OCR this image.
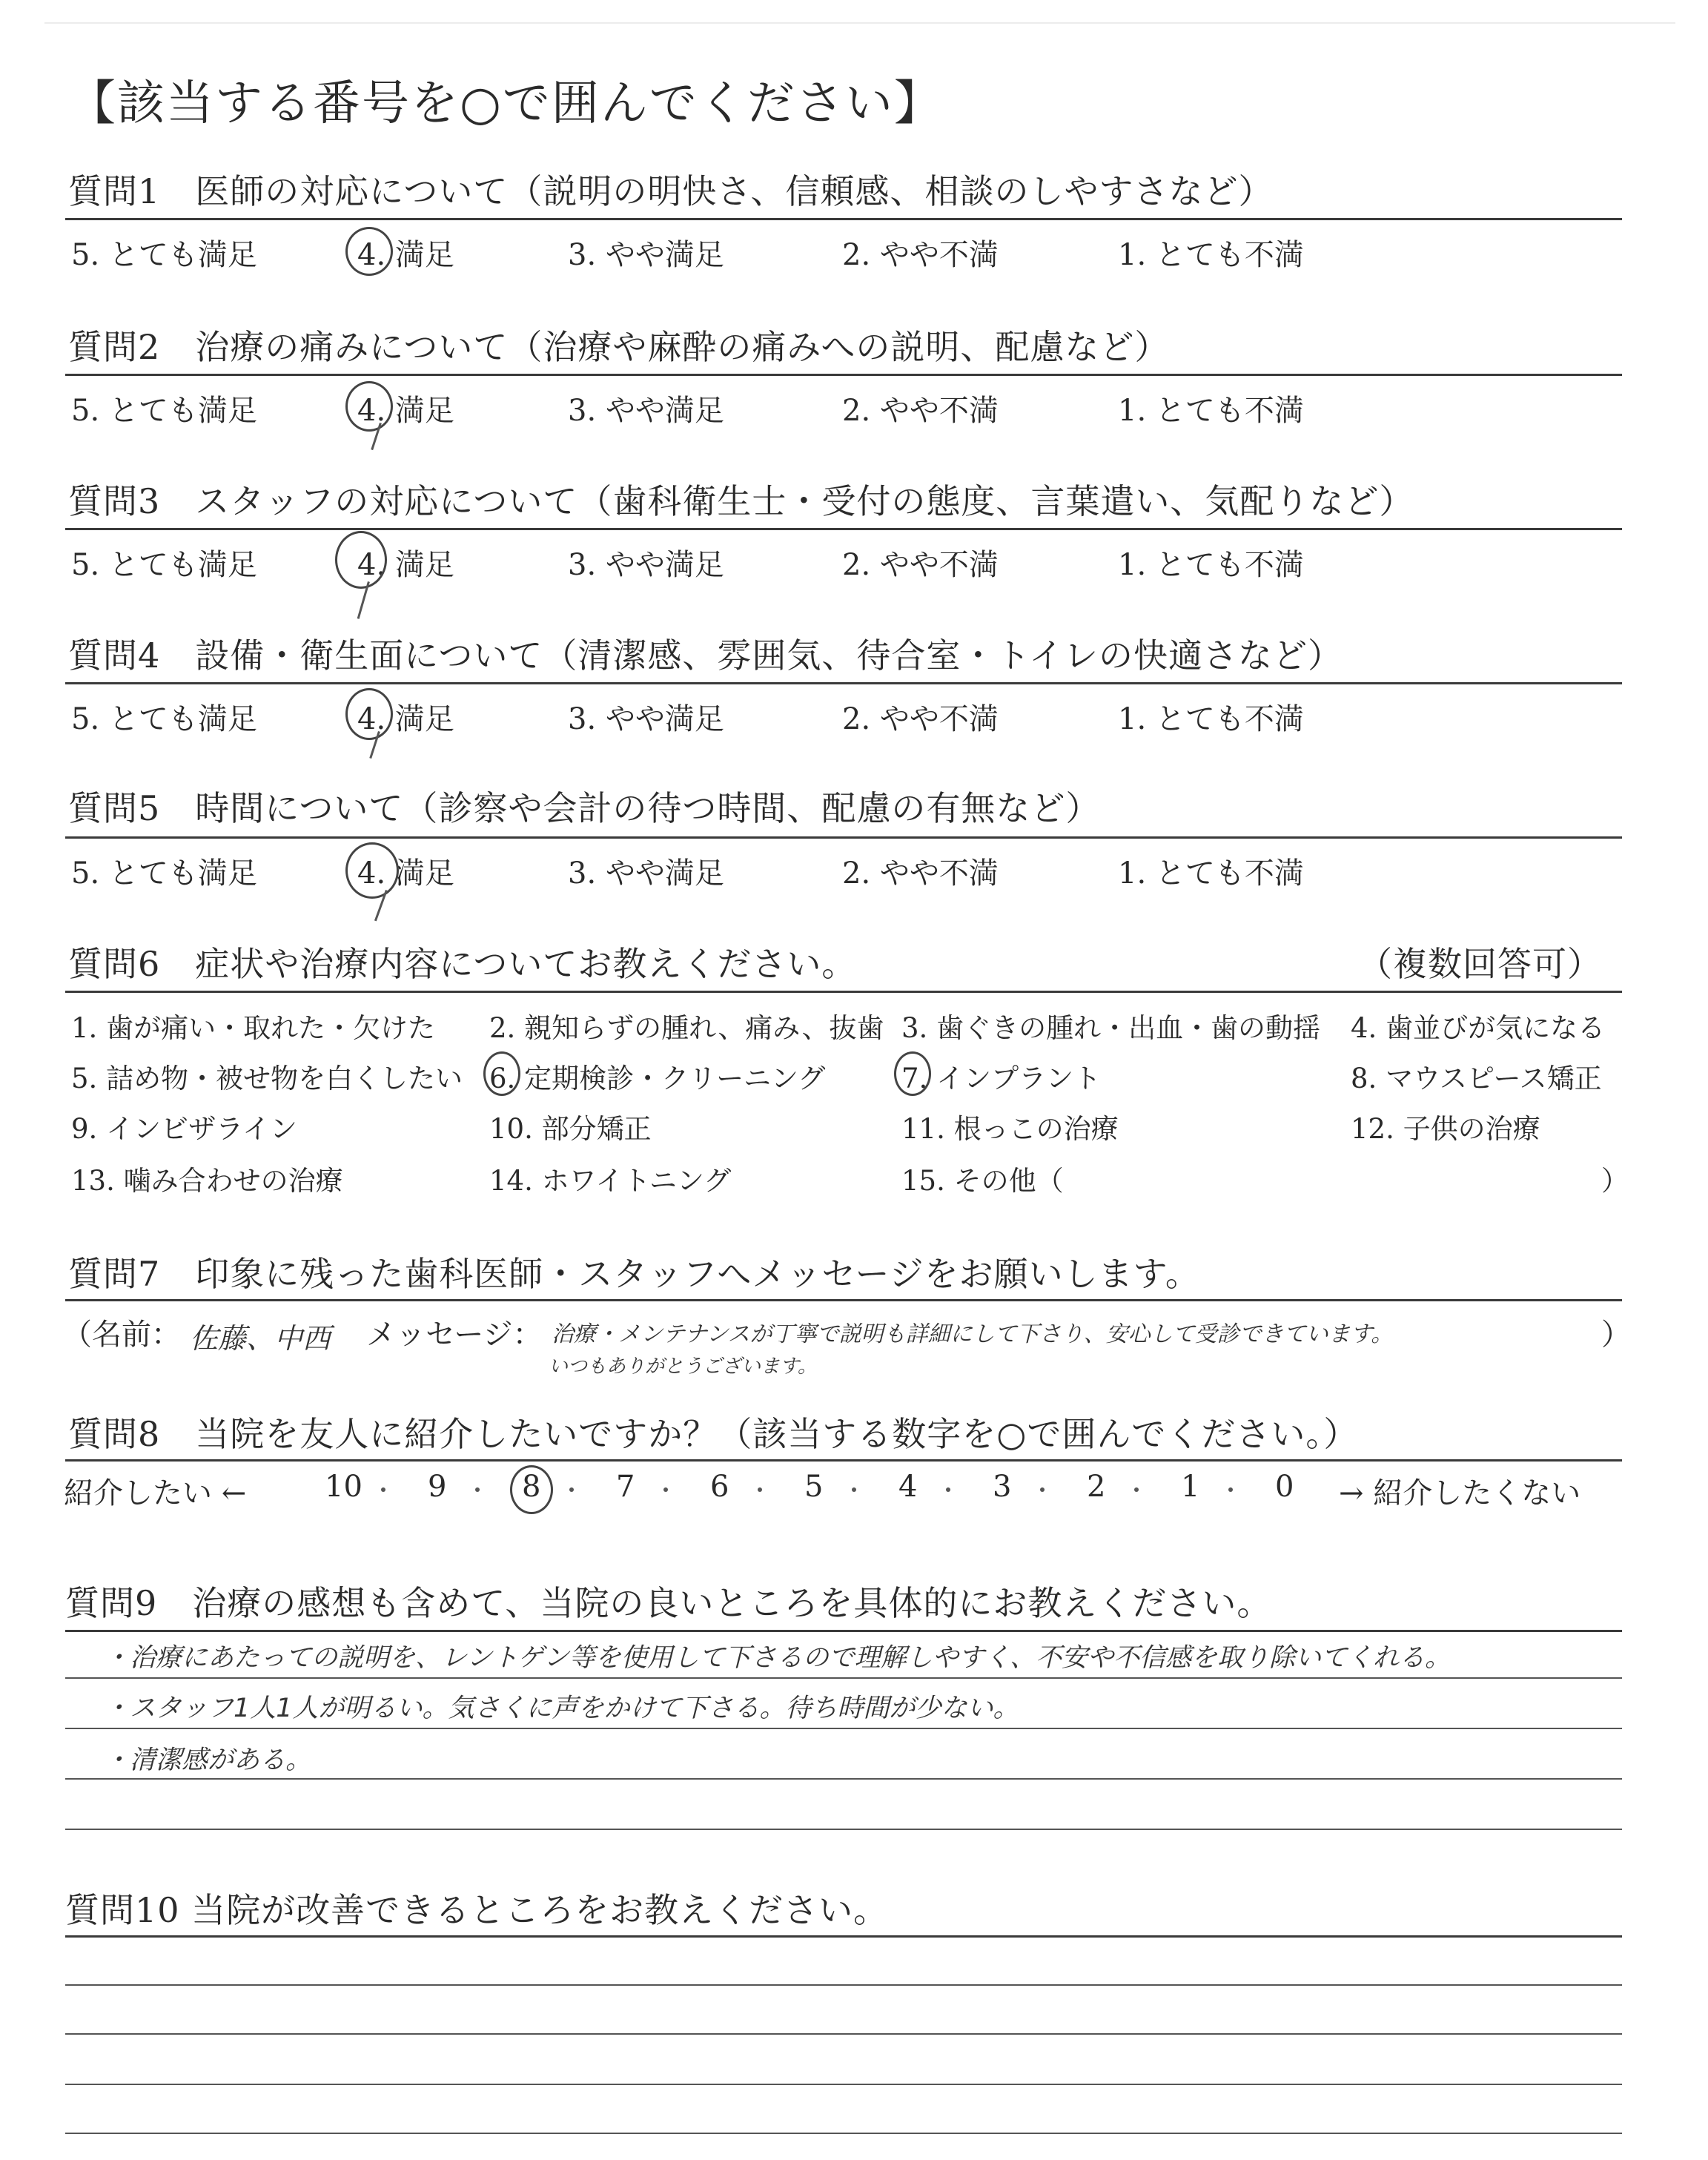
【該当する番号を○で囲んでください】
質問1　医師の対応について（説明の明快さ、信頼感、相談のしやすさなど）
5. とても満足	4. 満足	3. やや満足	2. やや不満	1. とても不満
質問2　治療の痛みについて（治療や麻酔の痛みへの説明、配慮など）
5. とても満足	4. 満足	3. やや満足	2. やや不満	1. とても不満
質問3　スタッフの対応について（歯科衛生士・受付の態度、言葉遣い、気配りなど）
5. とても満足	4. 満足	3. やや満足	2. やや不満	1. とても不満
質問4　設備・衛生面について（清潔感、雰囲気、待合室・トイレの快適さなど）
5. とても満足	4. 満足	3. やや満足	2. やや不満	1. とても不満
質問5　時間について（診察や会計の待つ時間、配慮の有無など）
5. とても満足	4. 満足	3. やや満足	2. やや不満	1. とても不満
質問6　症状や治療内容についてお教えください。	（複数回答可）
1. 歯が痛い・取れた・欠けた 2. 親知らずの腫れ、痛み、抜歯 3. 歯ぐきの腫れ・出血・歯の動揺 4. 歯並びが気になる
5. 詰め物・被せ物を白くしたい 6. 定期検診・クリーニング	7. インプラント	8. マウスピース矯正
9. インビザライン	10. 部分矯正	11. 根っこの治療	12. 子供の治療
13. 噛み合わせの治療	14. ホワイトニング	15. その他（	）
質問7　印象に残った歯科医師・スタッフへメッセージをお願いします。
（名前： 佐藤、中西 メッセージ： 治療・メンテナンスが丁寧で説明も詳細にして下さり、安心して受診できています。
いつもありがとうございます。
）
質問8　当院を友人に紹介したいですか？（該当する数字を○で囲んでください。）
紹介したい ←	→ 紹介したくない
10 9	8	7	6	5	4	3	2	1	0
質問9　治療の感想も含めて、当院の良いところを具体的にお教えください。
・治療にあたっての説明を、レントゲン等を使用して下さるので理解しやすく、不安や不信感を取り除いてくれる。
・スタッフ1人1人が明るい。気さくに声をかけて下さる。待ち時間が少ない。
・清潔感がある。
質問10 当院が改善できるところをお教えください。
